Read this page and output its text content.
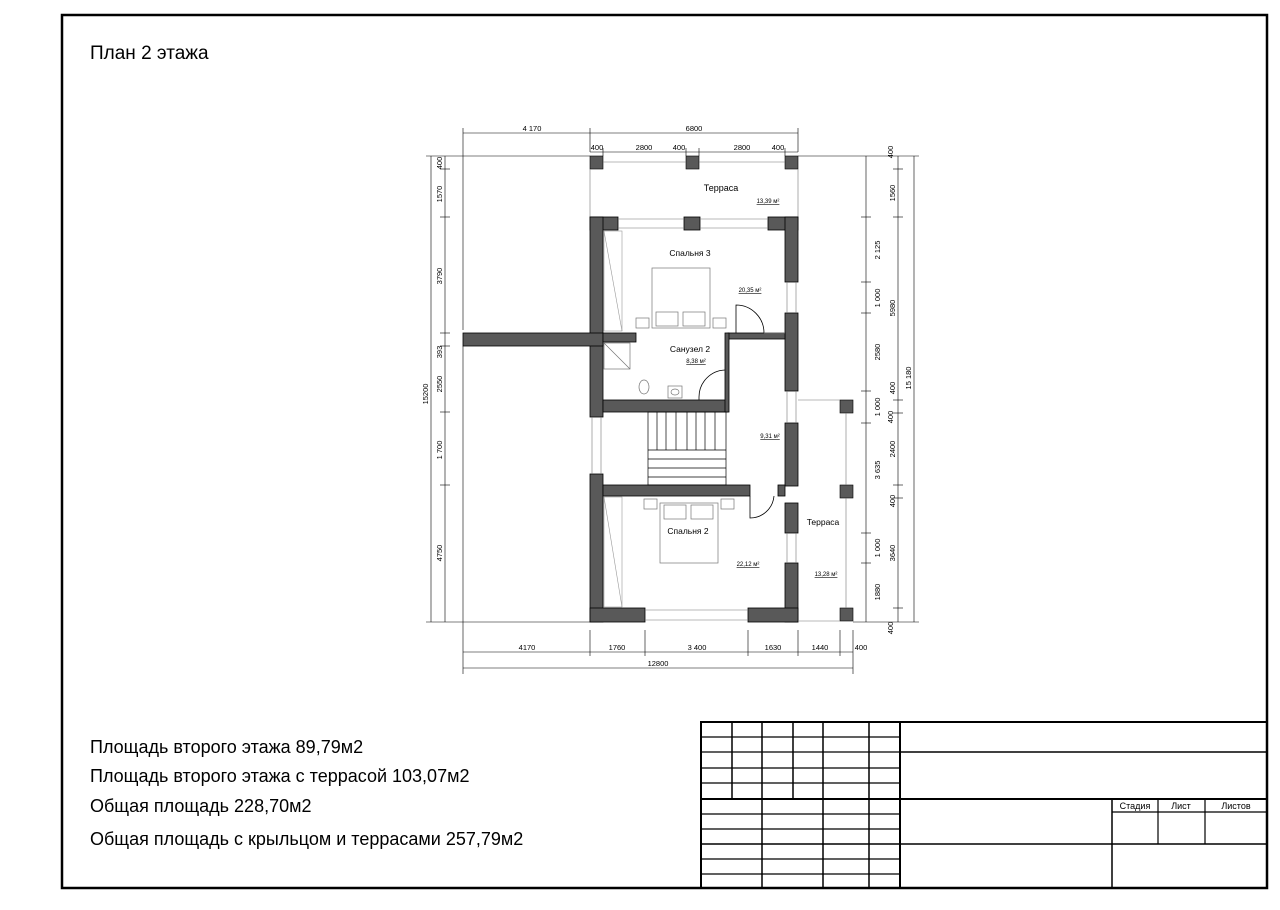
Терраса
13,39 м²
Спальня 3
20,35 м²
Санузел 2
8,38 м²
9,31 м²
Спальня 2
22,12 м²
Терраса
13,28 м²
4 170	6800
400	2800	400	2800	400
4170	1760	3 400	1630	1440	400
12800
400
1570
3790
393
2550
1 700
4750
15200
2 125
1 000
2580
1 000
400
3 635
1 000
400
1560
5980
400
2400
400
3640
1880
400
15 180
Стадия Лист	Листов
План 2 этажа
Площадь второго этажа 89,79м2
Площадь второго этажа с террасой 103,07м2
Общая площадь 228,70м2
Общая площадь с крыльцом и террасами 257,79м2
